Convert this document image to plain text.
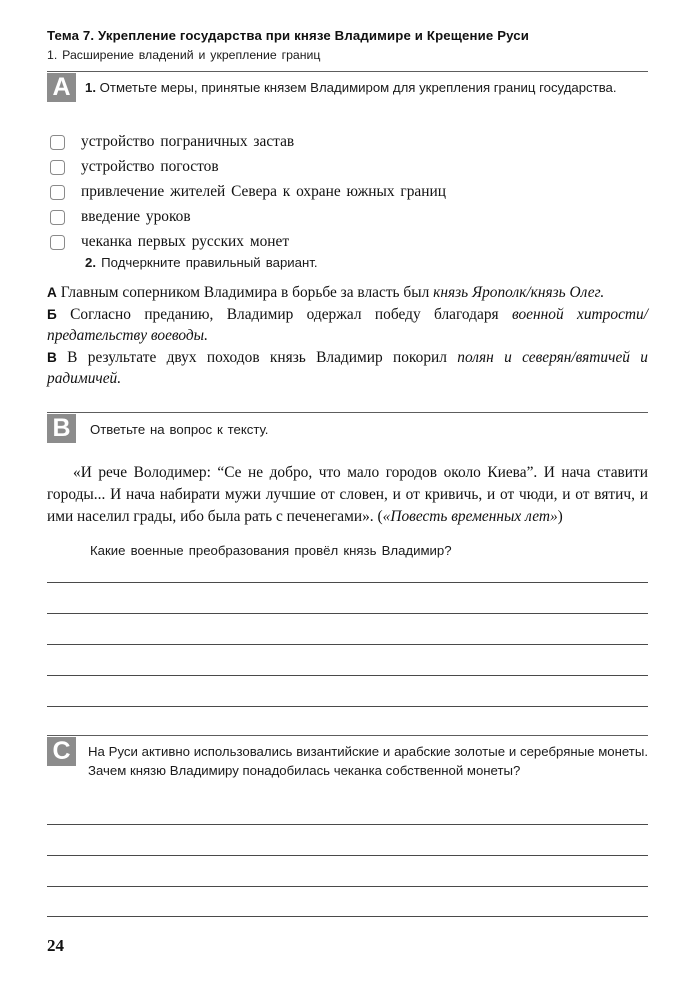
Тема 7. Укрепление государства при князе Владимире и Крещение Руси
1. Расширение владений и укрепление границ
A	1. Отметьте меры, принятые князем Владимиром для укрепления границ государства.
устройство пограничных застав
устройство погостов
привлечение жителей Севера к охране южных границ
введение уроков
чеканка первых русских монет
2. Подчеркните правильный вариант.
А Главным соперником Владимира в борьбе за власть был князь Ярополк/князь Олег.
Б Согласно преданию, Владимир одержал победу благодаря военной хитрости/предательству воеводы.
В В результате двух походов князь Владимир покорил полян и северян/вятичей и радимичей.
B	Ответьте на вопрос к тексту.
«И рече Володимер: “Се не добро, что мало городов около Киева”. И нача ставити городы... И нача набирати мужи лучшие от словен, и от кривичь, и от чюди, и от вятич, и ими населил грады, ибо была рать с печенегами». («Повесть временных лет»)
Какие военные преобразования провёл князь Владимир?
C	На Руси активно использовались византийские и арабские золотые и серебряные монеты. Зачем князю Владимиру понадобилась чеканка собственной монеты?
24
